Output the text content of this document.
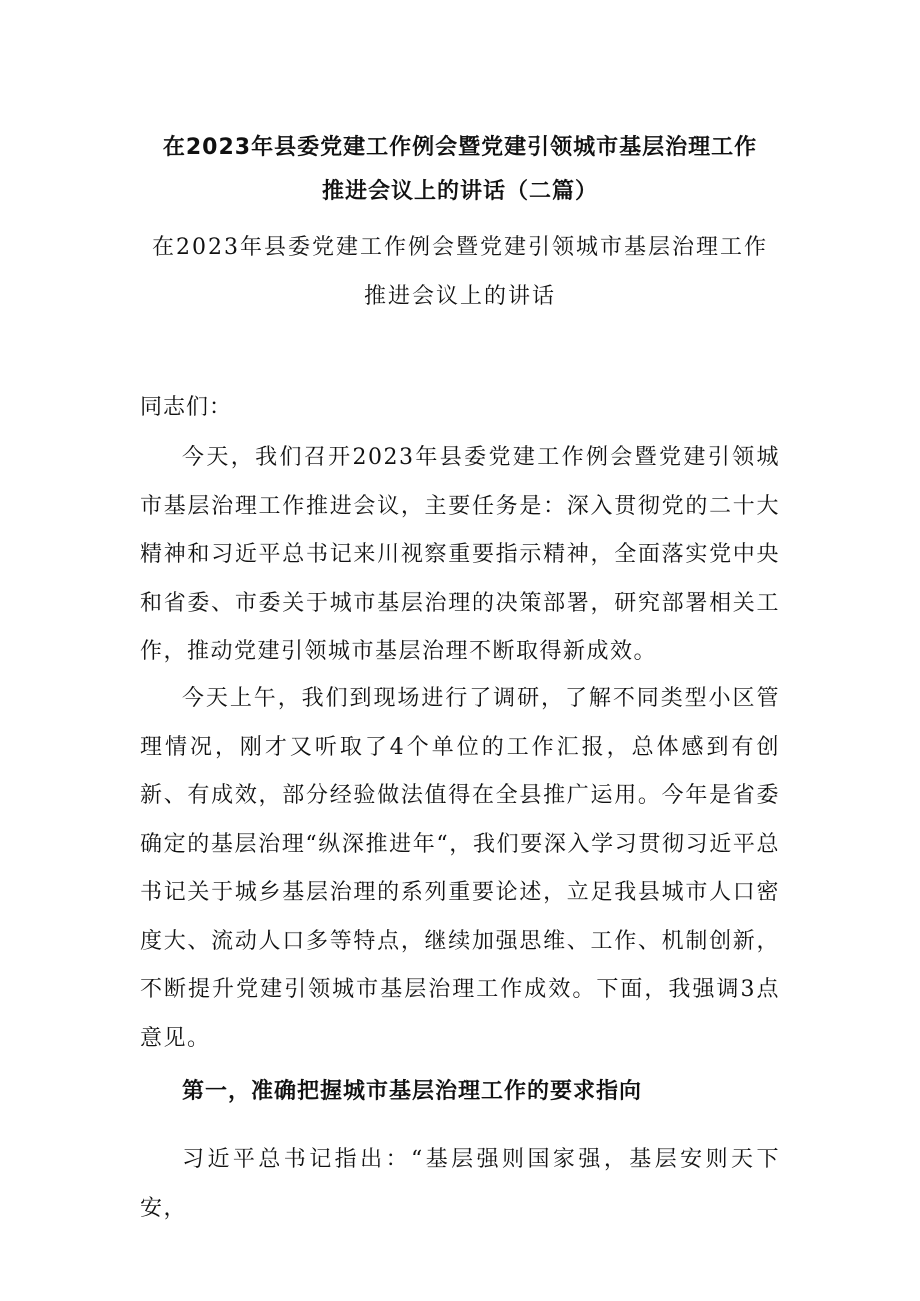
在2023年县委党建工作例会暨党建引领城市基层治理工作
推进会议上的讲话（二篇）
在2023年县委党建工作例会暨党建引领城市基层治理工作
推进会议上的讲话
同志们：

今天，我们召开2023年县委党建工作例会暨党建引领城市基层治理工作推进会议，主要任务是：深入贯彻党的二十大精神和习近平总书记来川视察重要指示精神，全面落实党中央和省委、市委关于城市基层治理的决策部署，研究部署相关工作，推动党建引领城市基层治理不断取得新成效。

今天上午，我们到现场进行了调研，了解不同类型小区管理情况，刚才又听取了4个单位的工作汇报，总体感到有创新、有成效，部分经验做法值得在全县推广运用。今年是省委确定的基层治理“纵深推进年“，我们要深入学习贯彻习近平总书记关于城乡基层治理的系列重要论述，立足我县城市人口密度大、流动人口多等特点，继续加强思维、工作、机制创新，不断提升党建引领城市基层治理工作成效。下面，我强调3点意见。

第一，准确把握城市基层治理工作的要求指向

习近平总书记指出：“基层强则国家强，基层安则天下安，
